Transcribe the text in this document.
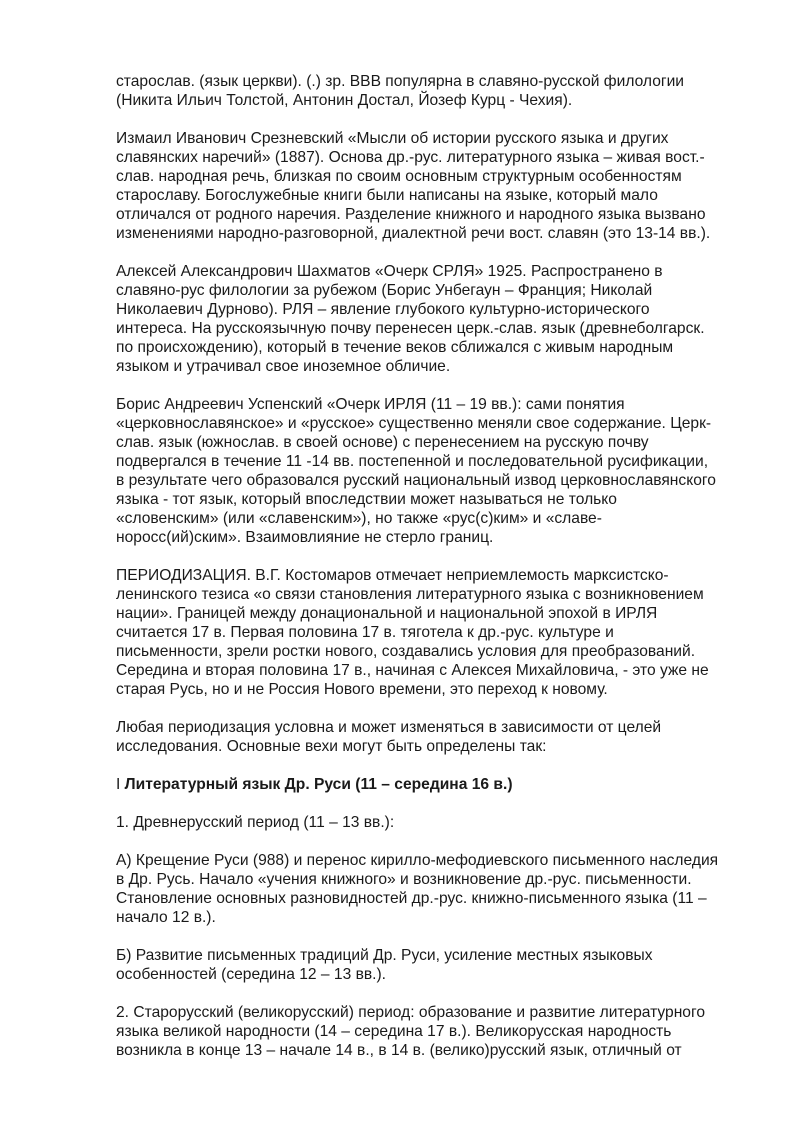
старослав. (язык церкви). (.) зр. ВВВ популярна в славяно-русской филологии
(Никита Ильич Толстой, Антонин Достал, Йозеф Курц - Чехия).

Измаил Иванович Срезневский «Мысли об истории русского языка и других
славянских наречий» (1887). Основа др.-рус. литературного языка – живая вост.-
слав. народная речь, близкая по своим основным структурным особенностям
старославу. Богослужебные книги были написаны на языке, который мало
отличался от родного наречия. Разделение книжного и народного языка вызвано
изменениями народно-разговорной, диалектной речи вост. славян (это 13-14 вв.).

Алексей Александрович Шахматов «Очерк СРЛЯ» 1925. Распространено в
славяно-рус филологии за рубежом (Борис Унбегаун – Франция; Николай
Николаевич Дурново). РЛЯ – явление глубокого культурно-исторического
интереса. На русскоязычную почву перенесен церк.-слав. язык (древнеболгарск.
по происхождению), который в течение веков сближался с живым народным
языком и утрачивал свое иноземное обличие.

Борис Андреевич Успенский «Очерк ИРЛЯ (11 – 19 вв.): сами понятия
«церковнославянское» и «русское» существенно меняли свое содержание. Церк-
слав. язык (южнослав. в своей основе) с перенесением на русскую почву
подвергался в течение 11 -14 вв. постепенной и последовательной русификации,
в результате чего образовался русский национальный извод церковнославянского
языка - тот язык, который впоследствии может называться не только
«словенским» (или «славенским»), но также «рус(с)ким» и «славе-
нoросс(ий)ским». Взаимовлияние не стерло границ.

ПЕРИОДИЗАЦИЯ. В.Г. Костомаров отмечает неприемлемость марксистско-
ленинского тезиса «о связи становления литературного языка с возникновением
нации». Границей между донациональной и национальной эпохой в ИРЛЯ
считается 17 в. Первая половина 17 в. тяготела к др.-рус. культуре и
письменности, зрели ростки нового, создавались условия для преобразований.
Середина и вторая половина 17 в., начиная с Алексея Михайловича, - это уже не
старая Русь, но и не Россия Нового времени, это переход к новому.

Любая периодизация условна и может изменяться в зависимости от целей
исследования. Основные вехи могут быть определены так:

I Литературный язык Др. Руси (11 – середина 16 в.)

1. Древнерусский период (11 – 13 вв.):

А) Крещение Руси (988) и перенос кирилло-мефодиевского письменного наследия
в Др. Русь. Начало «учения книжного» и возникновение др.-рус. письменности.
Становление основных разновидностей др.-рус. книжно-письменного языка (11 –
начало 12 в.).

Б) Развитие письменных традиций Др. Руси, усиление местных языковых
особенностей (середина 12 – 13 вв.).

2. Старорусский (великорусский) период: образование и развитие литературного
языка великой народности (14 – середина 17 в.). Великорусская народность
возникла в конце 13 – начале 14 в., в 14 в. (велико)русский язык, отличный от
